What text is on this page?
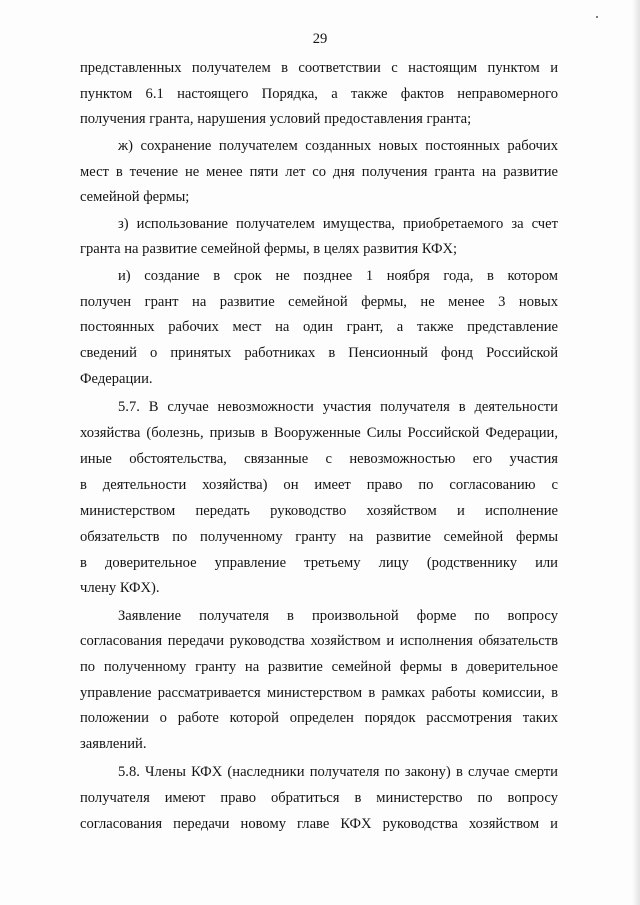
29
представленных получателем в соответствии с настоящим пунктом и
пунктом 6.1 настоящего Порядка, а также фактов неправомерного
получения гранта, нарушения условий предоставления гранта;
ж) сохранение получателем созданных новых постоянных рабочих
мест в течение не менее пяти лет со дня получения гранта на развитие
семейной фермы;
з) использование получателем имущества, приобретаемого за счет
гранта на развитие семейной фермы, в целях развития КФХ;
и) создание в срок не позднее 1 ноября года, в котором
получен грант на развитие семейной фермы, не менее 3 новых
постоянных рабочих мест на один грант, а также представление
сведений о принятых работниках в Пенсионный фонд Российской
Федерации.
5.7. В случае невозможности участия получателя в деятельности
хозяйства (болезнь, призыв в Вооруженные Силы Российской Федерации,
иные обстоятельства, связанные с невозможностью его участия
в деятельности хозяйства) он имеет право по согласованию с
министерством передать руководство хозяйством и исполнение
обязательств по полученному гранту на развитие семейной фермы
в доверительное управление третьему лицу (родственнику или
члену КФХ).
Заявление получателя в произвольной форме по вопросу
согласования передачи руководства хозяйством и исполнения обязательств
по полученному гранту на развитие семейной фермы в доверительное
управление рассматривается министерством в рамках работы комиссии, в
положении о работе которой определен порядок рассмотрения таких
заявлений.
5.8. Члены КФХ (наследники получателя по закону) в случае смерти
получателя имеют право обратиться в министерство по вопросу
согласования передачи новому главе КФХ руководства хозяйством и
